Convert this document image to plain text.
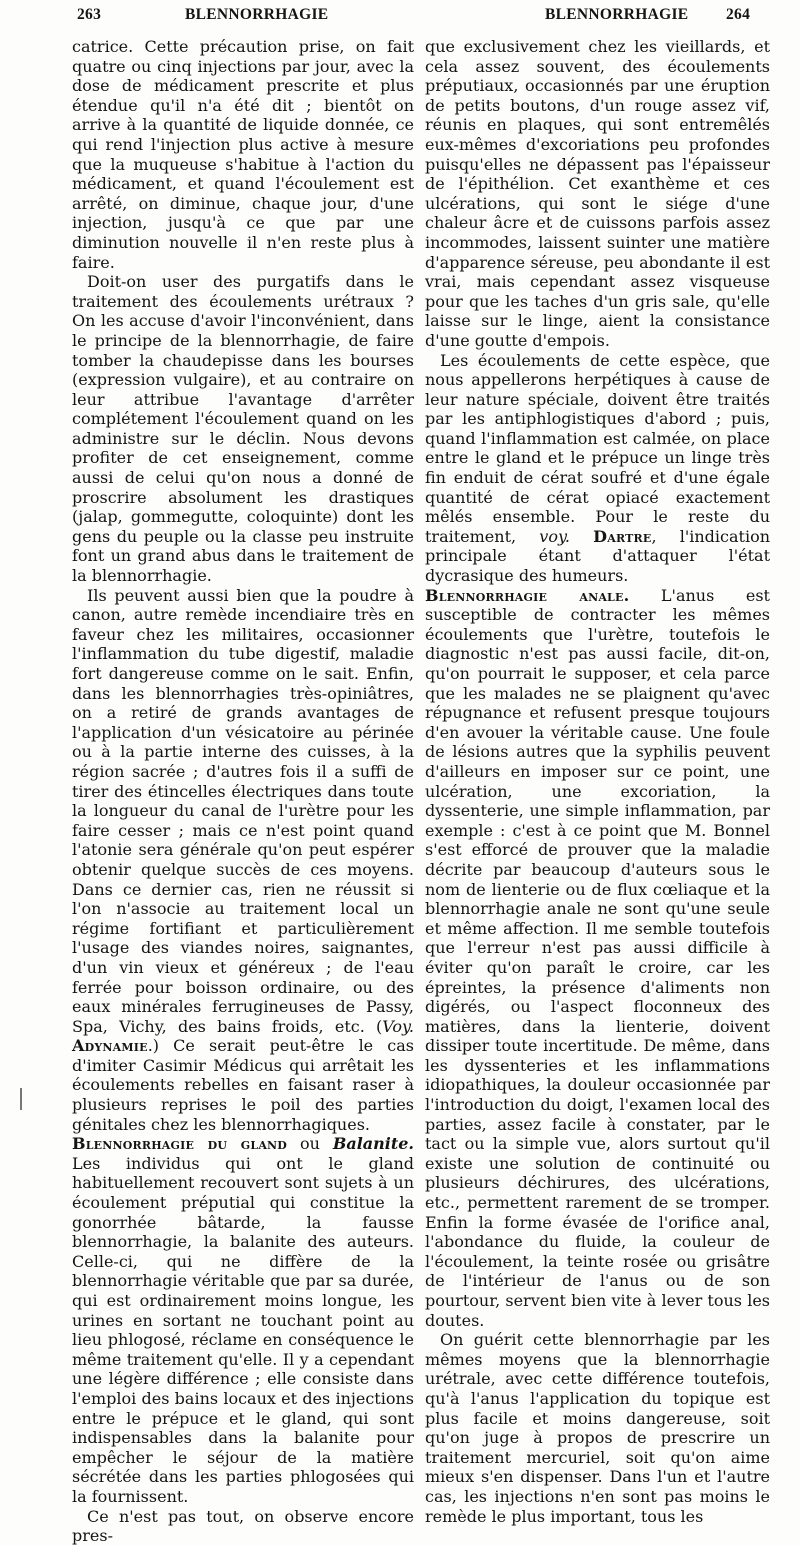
263	BLENNORRHAGIE	BLENNORRHAGIE 264

catrice. Cette précaution prise, on fait quatre ou cinq injections par jour, avec la dose de médicament prescrite et plus étendue qu'il n'a été dit ; bientôt on arrive à la quantité de liquide donnée, ce qui rend l'injection plus active à mesure que la muqueuse s'habitue à l'action du médicament, et quand l'écoulement est arrêté, on diminue, chaque jour, d'une injection, jusqu'à ce que par une diminution nouvelle il n'en reste plus à faire.

Doit-on user des purgatifs dans le traitement des écoulements urétraux ? On les accuse d'avoir l'inconvénient, dans le principe de la blennorrhagie, de faire tomber la chaudepisse dans les bourses (expression vulgaire), et au contraire on leur attribue l'avantage d'arrêter complétement l'écoulement quand on les administre sur le déclin. Nous devons profiter de cet enseignement, comme aussi de celui qu'on nous a donné de proscrire absolument les drastiques (jalap, gommegutte, coloquinte) dont les gens du peuple ou la classe peu instruite font un grand abus dans le traitement de la blennorrhagie.

Ils peuvent aussi bien que la poudre à canon, autre remède incendiaire très en faveur chez les militaires, occasionner l'inflammation du tube digestif, maladie fort dangereuse comme on le sait. Enfin, dans les blennorrhagies très-opiniâtres, on a retiré de grands avantages de l'application d'un vésicatoire au périnée ou à la partie interne des cuisses, à la région sacrée ; d'autres fois il a suffi de tirer des étincelles électriques dans toute la longueur du canal de l'urètre pour les faire cesser ; mais ce n'est point quand l'atonie sera générale qu'on peut espérer obtenir quelque succès de ces moyens. Dans ce dernier cas, rien ne réussit si l'on n'associe au traitement local un régime fortifiant et particulièrement l'usage des viandes noires, saignantes, d'un vin vieux et généreux ; de l'eau ferrée pour boisson ordinaire, ou des eaux minérales ferrugineuses de Passy, Spa, Vichy, des bains froids, etc. (Voy. Adynamie.) Ce serait peut-être le cas d'imiter Casimir Médicus qui arrêtait les écoulements rebelles en faisant raser à plusieurs reprises le poil des parties génitales chez les blennorrhagiques.

Blennorrhagie du gland ou Balanite. Les individus qui ont le gland habituellement recouvert sont sujets à un écoulement préputial qui constitue la gonorrhée bâtarde, la fausse blennorrhagie, la balanite des auteurs. Celle-ci, qui ne diffère de la blennorrhagie véritable que par sa durée, qui est ordinairement moins longue, les urines en sortant ne touchant point au lieu phlogosé, réclame en conséquence le même traitement qu'elle. Il y a cependant une légère différence ; elle consiste dans l'emploi des bains locaux et des injections entre le prépuce et le gland, qui sont indispensables dans la balanite pour empêcher le séjour de la matière sécrétée dans les parties phlogosées qui la fournissent.

Ce n'est pas tout, on observe encore pres-

que exclusivement chez les vieillards, et cela assez souvent, des écoulements préputiaux, occasionnés par une éruption de petits boutons, d'un rouge assez vif, réunis en plaques, qui sont entremêlés eux-mêmes d'excoriations peu profondes puisqu'elles ne dépassent pas l'épaisseur de l'épithélion. Cet exanthème et ces ulcérations, qui sont le siége d'une chaleur âcre et de cuissons parfois assez incommodes, laissent suinter une matière d'apparence séreuse, peu abondante il est vrai, mais cependant assez visqueuse pour que les taches d'un gris sale, qu'elle laisse sur le linge, aient la consistance d'une goutte d'empois.

Les écoulements de cette espèce, que nous appellerons herpétiques à cause de leur nature spéciale, doivent être traités par les antiphlogistiques d'abord ; puis, quand l'inflammation est calmée, on place entre le gland et le prépuce un linge très fin enduit de cérat soufré et d'une égale quantité de cérat opiacé exactement mêlés ensemble. Pour le reste du traitement, voy. Dartre, l'indication principale étant d'attaquer l'état dycrasique des humeurs.

Blennorrhagie anale. L'anus est susceptible de contracter les mêmes écoulements que l'urètre, toutefois le diagnostic n'est pas aussi facile, dit-on, qu'on pourrait le supposer, et cela parce que les malades ne se plaignent qu'avec répugnance et refusent presque toujours d'en avouer la véritable cause. Une foule de lésions autres que la syphilis peuvent d'ailleurs en imposer sur ce point, une ulcération, une excoriation, la dyssenterie, une simple inflammation, par exemple : c'est à ce point que M. Bonnel s'est efforcé de prouver que la maladie décrite par beaucoup d'auteurs sous le nom de lienterie ou de flux cœliaque et la blennorrhagie anale ne sont qu'une seule et même affection. Il me semble toutefois que l'erreur n'est pas aussi difficile à éviter qu'on paraît le croire, car les épreintes, la présence d'aliments non digérés, ou l'aspect floconneux des matières, dans la lienterie, doivent dissiper toute incertitude. De même, dans les dyssenteries et les inflammations idiopathiques, la douleur occasionnée par l'introduction du doigt, l'examen local des parties, assez facile à constater, par le tact ou la simple vue, alors surtout qu'il existe une solution de continuité ou plusieurs déchirures, des ulcérations, etc., permettent rarement de se tromper. Enfin la forme évasée de l'orifice anal, l'abondance du fluide, la couleur de l'écoulement, la teinte rosée ou grisâtre de l'intérieur de l'anus ou de son pourtour, servent bien vite à lever tous les doutes.

On guérit cette blennorrhagie par les mêmes moyens que la blennorrhagie urétrale, avec cette différence toutefois, qu'à l'anus l'application du topique est plus facile et moins dangereuse, soit qu'on juge à propos de prescrire un traitement mercuriel, soit qu'on aime mieux s'en dispenser. Dans l'un et l'autre cas, les injections n'en sont pas moins le remède le plus important, tous les
